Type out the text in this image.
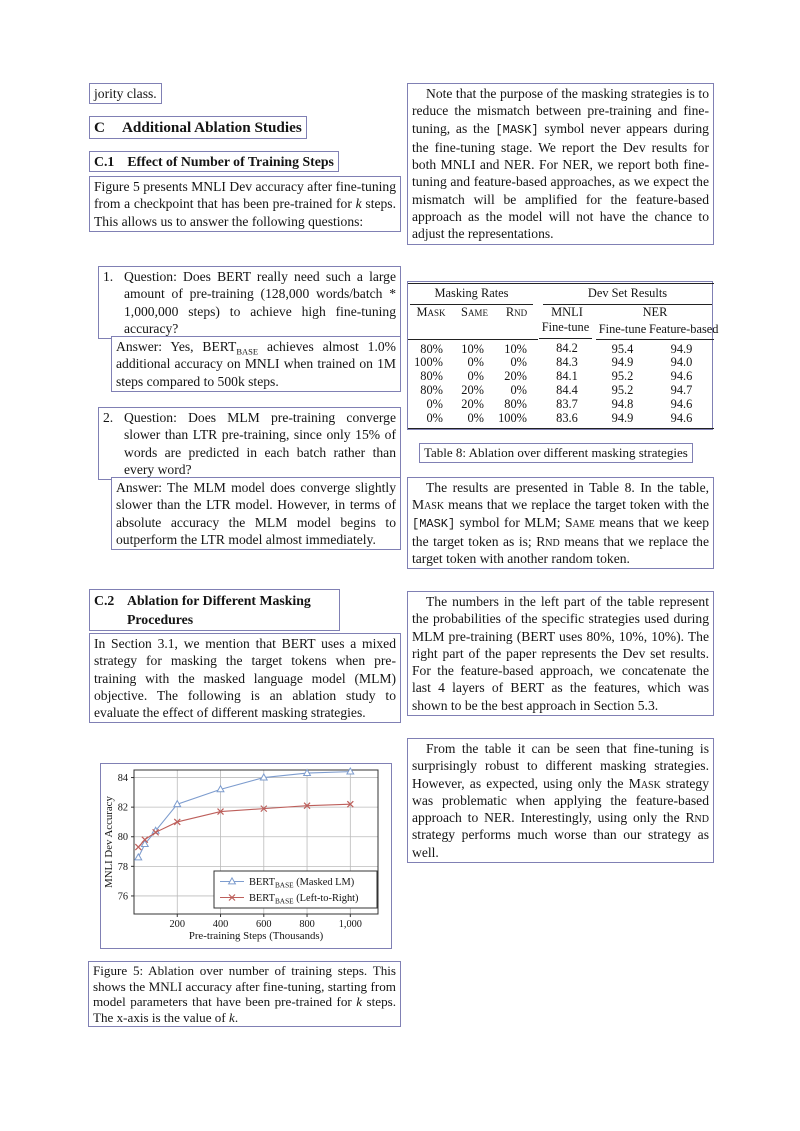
jority class.
C Additional Ablation Studies
C.1 Effect of Number of Training Steps
Figure 5 presents MNLI Dev accuracy after fine-tuning from a checkpoint that has been pre-trained for k steps. This allows us to answer the following questions:
1. Question: Does BERT really need such a large amount of pre-training (128,000 words/batch * 1,000,000 steps) to achieve high fine-tuning accuracy?
Answer: Yes, $BERT_{BASE}$ achieves almost 1.0% additional accuracy on MNLI when trained on 1M steps compared to 500k steps.
2. Question: Does MLM pre-training converge slower than LTR pre-training, since only 15% of words are predicted in each batch rather than every word?
Answer: The MLM model does converge slightly slower than the LTR model. However, in terms of absolute accuracy the MLM model begins to outperform the LTR model almost immediately.
C.2 Ablation for Different Masking Procedures
In Section 3.1, we mention that BERT uses a mixed strategy for masking the target tokens when pre-training with the masked language model (MLM) objective. The following is an ablation study to evaluate the effect of different masking strategies.
76
78
80
82
84
200	400	600	800 1,000
Pre-training Steps (Thousands)
MNLI Dev Accuracy	$BERT_{BASE}$ (Masked LM)
$BERT_{BASE}$ (Left-to-Right)
Figure 5: Ablation over number of training steps. This shows the MNLI accuracy after fine-tuning, starting from model parameters that have been pre-trained for k steps. The x-axis is the value of k.
Note that the purpose of the masking strategies is to reduce the mismatch between pre-training and fine-tuning, as the [MASK] symbol never appears during the fine-tuning stage. We report the Dev results for both MNLI and NER. For NER, we report both fine-tuning and feature-based approaches, as we expect the mismatch will be amplified for the feature-based approach as the model will not have the chance to adjust the representations.
Masking Rates			Dev Set Results		

Mask	Same	Rnd	MNLI	NER	

			Fine-tune	Fine-tune	Feature-based
80%	10%	10%	84.2	95.4	94.9
100%	0%	0%	84.3	94.9	94.0
80%	0%	20%	84.1	95.2	94.6
80%	20%	0%	84.4	95.2	94.7
0%	20%	80%	83.7	94.8	94.6
0%	0%	100%	83.6	94.9	94.6
Table 8: Ablation over different masking strategies
The results are presented in Table 8. In the table, Mask means that we replace the target token with the [MASK] symbol for MLM; Same means that we keep the target token as is; Rnd means that we replace the target token with another random token.
The numbers in the left part of the table represent the probabilities of the specific strategies used during MLM pre-training (BERT uses 80%, 10%, 10%). The right part of the paper represents the Dev set results. For the feature-based approach, we concatenate the last 4 layers of BERT as the features, which was shown to be the best approach in Section 5.3.
From the table it can be seen that fine-tuning is surprisingly robust to different masking strategies. However, as expected, using only the Mask strategy was problematic when applying the feature-based approach to NER. Interestingly, using only the Rnd strategy performs much worse than our strategy as well.
